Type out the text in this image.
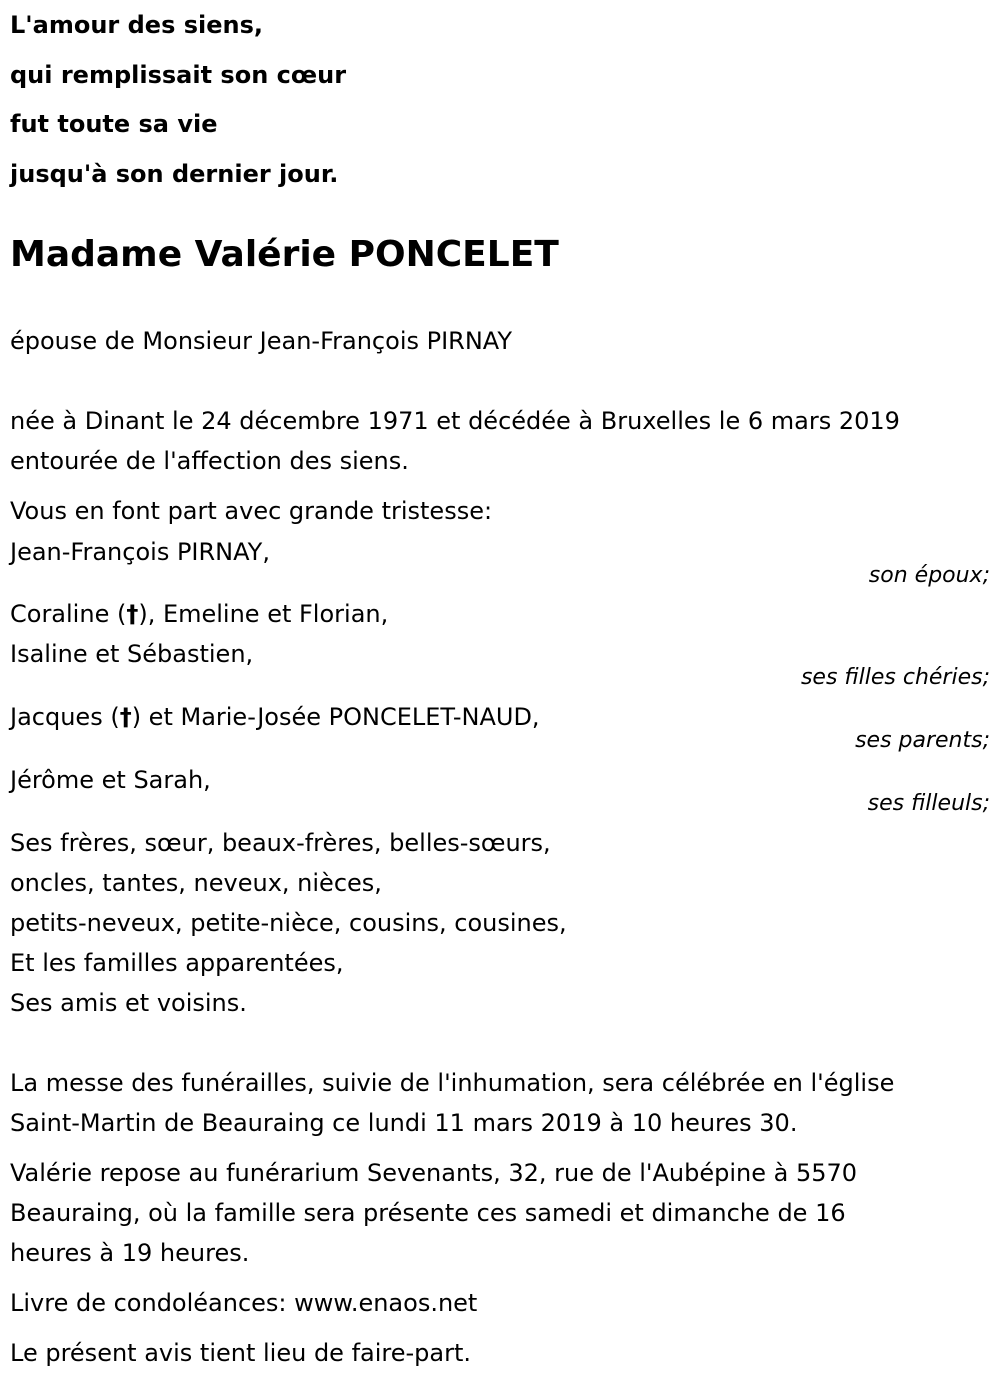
L'amour des siens,
qui remplissait son cœur
fut toute sa vie
jusqu'à son dernier jour.
Madame Valérie PONCELET
épouse de Monsieur Jean-François PIRNAY
née à Dinant le 24 décembre 1971 et décédée à Bruxelles le 6 mars 2019
entourée de l'affection des siens.
Vous en font part avec grande tristesse:
Jean-François PIRNAY,
son époux;
Coraline (†), Emeline et Florian,
Isaline et Sébastien,
ses filles chéries;
Jacques (†) et Marie-Josée PONCELET-NAUD,
ses parents;
Jérôme et Sarah,
ses filleuls;
Ses frères, sœur, beaux-frères, belles-sœurs,
oncles, tantes, neveux, nièces,
petits-neveux, petite-nièce, cousins, cousines,
Et les familles apparentées,
Ses amis et voisins.
La messe des funérailles, suivie de l'inhumation, sera célébrée en l'église
Saint-Martin de Beauraing ce lundi 11 mars 2019 à 10 heures 30.
Valérie repose au funérarium Sevenants, 32, rue de l'Aubépine à 5570
Beauraing, où la famille sera présente ces samedi et dimanche de 16
heures à 19 heures.
Livre de condoléances: www.enaos.net
Le présent avis tient lieu de faire-part.
